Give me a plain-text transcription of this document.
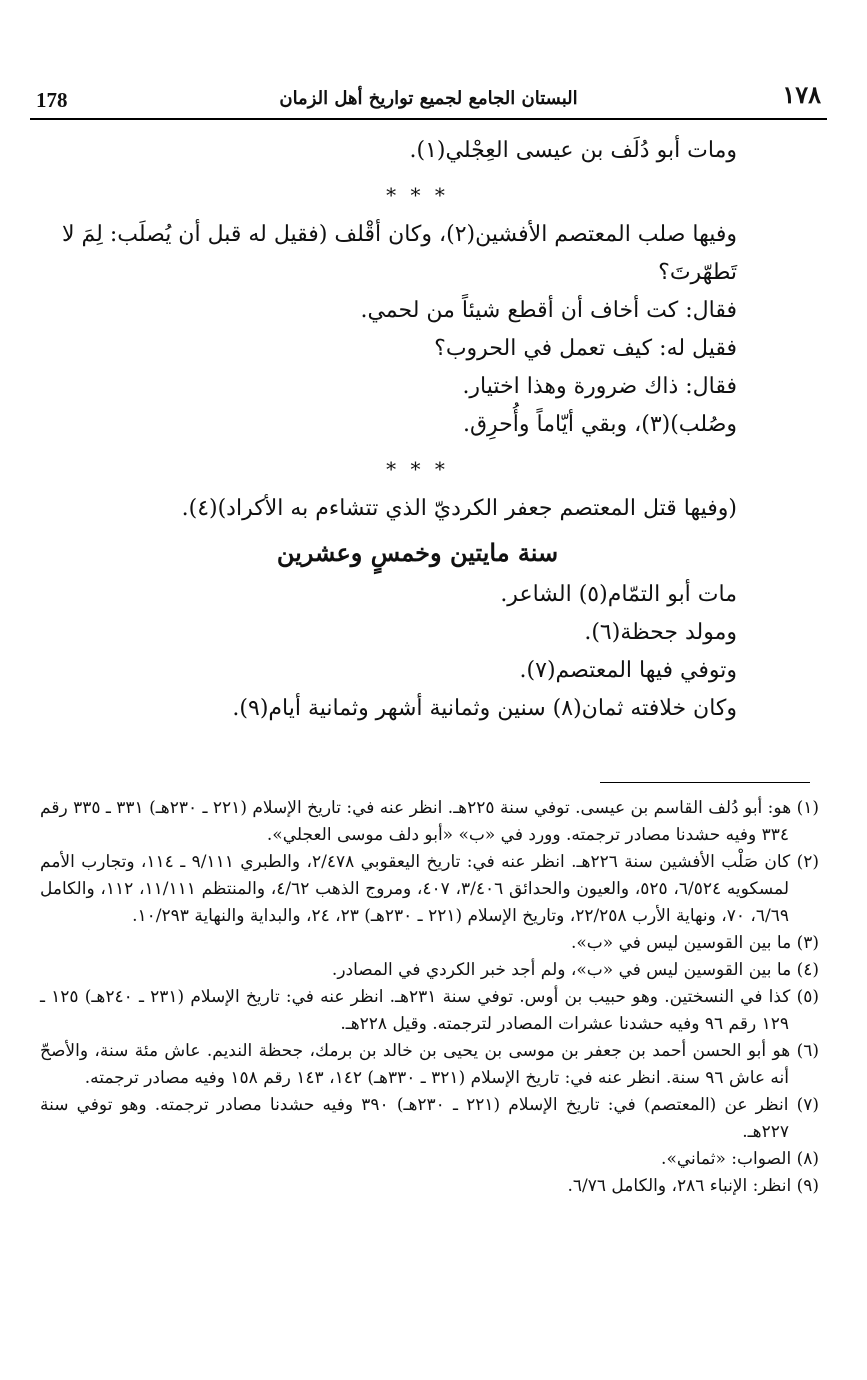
178	البستان الجامع لجميع تواريخ أهل الزمان	١٧٨

ومات أبو دُلَف بن عيسى العِجْلي(١).

* * *

وفيها صلب المعتصم الأفشين(٢)، وكان أقْلف (فقيل له قبل أن يُصلَب: لِمَ لا تَطهّرتَ؟

فقال: كت أخاف أن أقطع شيئاً من لحمي.

فقيل له: كيف تعمل في الحروب؟

فقال: ذاك ضرورة وهذا اختيار.

وصُلب)(٣)، وبقي أيّاماً وأُحرِق.

* * *

(وفيها قتل المعتصم جعفر الكرديّ الذي تتشاءم به الأكراد)(٤).

سنة مايتين وخمسٍ وعشرين

مات أبو التمّام(٥) الشاعر.

ومولد جحظة(٦).

وتوفي فيها المعتصم(٧).

وكان خلافته ثمان(٨) سنين وثمانية أشهر وثمانية أيام(٩).

(١) هو: أبو دُلف القاسم بن عيسى. توفي سنة ٢٢٥هـ. انظر عنه في: تاريخ الإسلام (٢٢١ ـ ٢٣٠هـ) ٣٣١ ـ ٣٣٥ رقم ٣٣٤ وفيه حشدنا مصادر ترجمته. وورد في «ب» «أبو دلف موسى العجلي».

(٢) كان صَلْب الأفشين سنة ٢٢٦هـ. انظر عنه في: تاريخ اليعقوبي ٢/٤٧٨، والطبري ٩/١١١ ـ ١١٤، وتجارب الأمم لمسكويه ٦/٥٢٤، ٥٢٥، والعيون والحدائق ٣/٤٠٦، ٤٠٧، ومروج الذهب ٤/٦٢، والمنتظم ١١/١١١، ١١٢، والكامل ٦/٦٩، ٧٠، ونهاية الأرب ٢٢/٢٥٨، وتاريخ الإسلام (٢٢١ ـ ٢٣٠هـ) ٢٣، ٢٤، والبداية والنهاية ١٠/٢٩٣.

(٣) ما بين القوسين ليس في «ب».

(٤) ما بين القوسين ليس في «ب»، ولم أجد خبر الكردي في المصادر.

(٥) كذا في النسختين. وهو حبيب بن أوس. توفي سنة ٢٣١هـ. انظر عنه في: تاريخ الإسلام (٢٣١ ـ ٢٤٠هـ) ١٢٥ ـ ١٢٩ رقم ٩٦ وفيه حشدنا عشرات المصادر لترجمته. وقيل ٢٢٨هـ.

(٦) هو أبو الحسن أحمد بن جعفر بن موسى بن يحيى بن خالد بن برمك، جحظة النديم. عاش مئة سنة، والأصحّ أنه عاش ٩٦ سنة. انظر عنه في: تاريخ الإسلام (٣٢١ ـ ٣٣٠هـ) ١٤٢، ١٤٣ رقم ١٥٨ وفيه مصادر ترجمته.

(٧) انظر عن (المعتصم) في: تاريخ الإسلام (٢٢١ ـ ٢٣٠هـ) ٣٩٠ وفيه حشدنا مصادر ترجمته. وهو توفي سنة ٢٢٧هـ.

(٨) الصواب: «ثماني».

(٩) انظر: الإنباء ٢٨٦، والكامل ٦/٧٦.
